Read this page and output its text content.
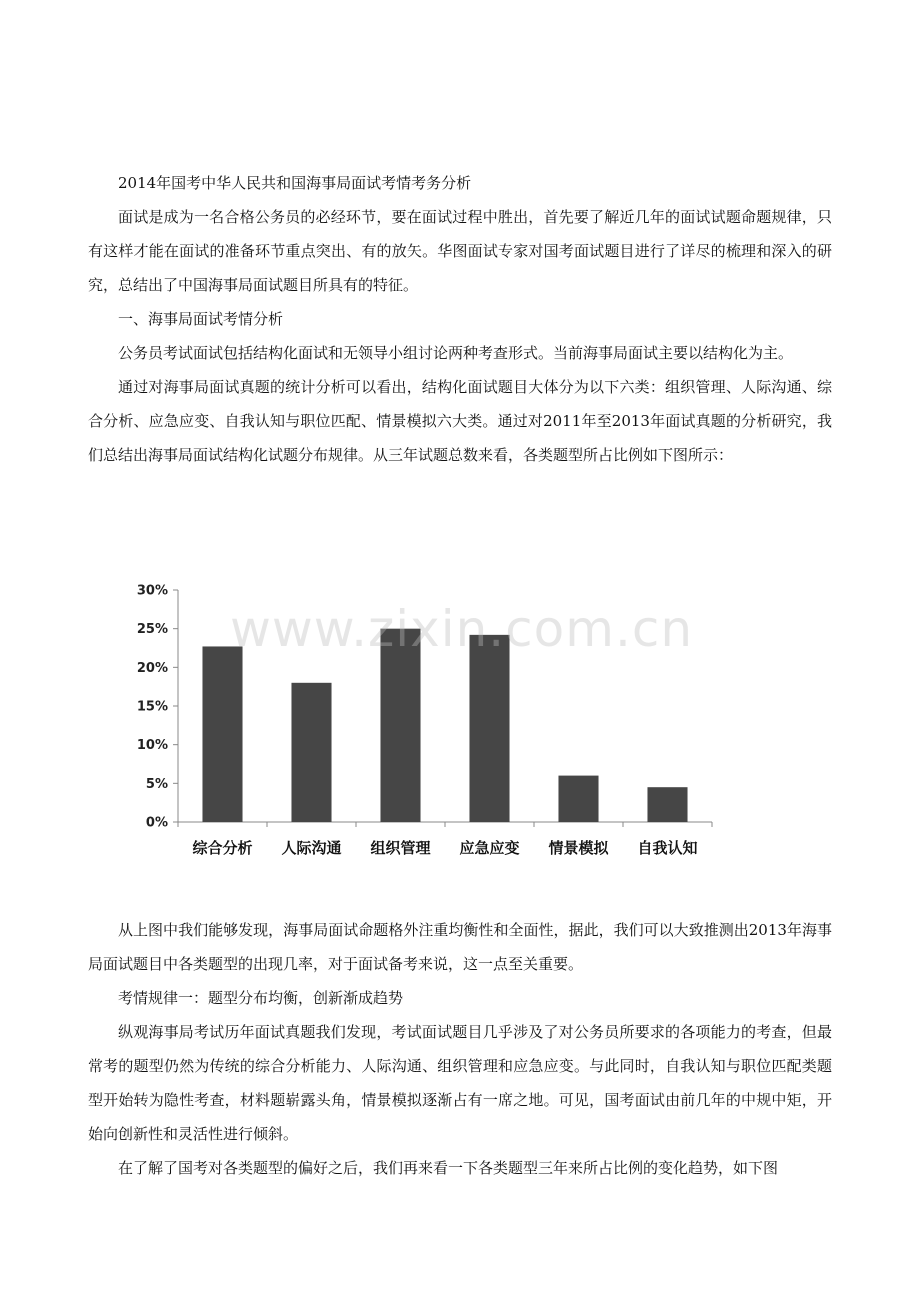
2014年国考中华人民共和国海事局面试考情考务分析

面试是成为一名合格公务员的必经环节，要在面试过程中胜出，首先要了解近几年的面试试题命题规律，只有这样才能在面试的准备环节重点突出、有的放矢。华图面试专家对国考面试题目进行了详尽的梳理和深入的研究，总结出了中国海事局面试题目所具有的特征。

一、海事局面试考情分析

公务员考试面试包括结构化面试和无领导小组讨论两种考查形式。当前海事局面试主要以结构化为主。

通过对海事局面试真题的统计分析可以看出，结构化面试题目大体分为以下六类：组织管理、人际沟通、综合分析、应急应变、自我认知与职位匹配、情景模拟六大类。通过对2011年至2013年面试真题的分析研究，我们总结出海事局面试结构化试题分布规律。从三年试题总数来看，各类题型所占比例如下图所示：

0%
5%
10%
15%
20%
25%
30%
综合分析 人际沟通 组织管理 应急应变 情景模拟 自我认知
www.zixin.com.cn

从上图中我们能够发现，海事局面试命题格外注重均衡性和全面性，据此，我们可以大致推测出2013年海事局面试题目中各类题型的出现几率，对于面试备考来说，这一点至关重要。

考情规律一：题型分布均衡，创新渐成趋势

纵观海事局考试历年面试真题我们发现，考试面试题目几乎涉及了对公务员所要求的各项能力的考查，但最常考的题型仍然为传统的综合分析能力、人际沟通、组织管理和应急应变。与此同时，自我认知与职位匹配类题型开始转为隐性考查，材料题崭露头角，情景模拟逐渐占有一席之地。可见，国考面试由前几年的中规中矩，开始向创新性和灵活性进行倾斜。

在了解了国考对各类题型的偏好之后，我们再来看一下各类题型三年来所占比例的变化趋势，如下图
